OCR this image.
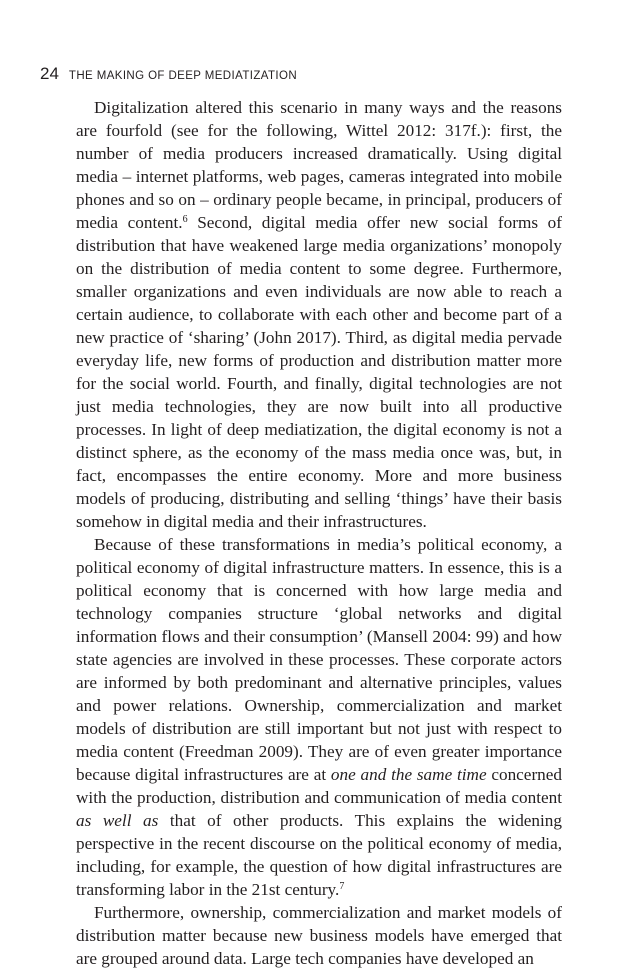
24 THE MAKING OF DEEP MEDIATIZATION

Digitalization altered this scenario in many ways and the reasons are fourfold (see for the following, Wittel 2012: 317f.): first, the number of media producers increased dramatically. Using digital media – internet platforms, web pages, cameras integrated into mobile phones and so on – ordinary people became, in principal, producers of media content.$^6$ Second, digital media offer new social forms of distribution that have weakened large media organizations’ monopoly on the distribution of media content to some degree. Furthermore, smaller organizations and even individuals are now able to reach a certain audience, to collaborate with each other and become part of a new practice of ‘sharing’ (John 2017). Third, as digital media pervade everyday life, new forms of production and distribution matter more for the social world. Fourth, and finally, digital technologies are not just media technologies, they are now built into all productive processes. In light of deep mediatization, the digital economy is not a distinct sphere, as the economy of the mass media once was, but, in fact, encompasses the entire economy. More and more business models of producing, distributing and selling ‘things’ have their basis somehow in digital media and their infrastructures.

Because of these transformations in media’s political economy, a political economy of digital infrastructure matters. In essence, this is a political economy that is concerned with how large media and technology companies structure ‘global networks and digital information flows and their consumption’ (Mansell 2004: 99) and how state agencies are involved in these processes. These corporate actors are informed by both predominant and alternative principles, values and power relations. Ownership, commercialization and market models of distribution are still important but not just with respect to media content (Freedman 2009). They are of even greater importance because digital infrastructures are at one and the same time concerned with the production, distribution and communication of media content as well as that of other products. This explains the widening perspective in the recent discourse on the political economy of media, including, for example, the question of how digital infrastructures are transforming labor in the 21st century.$^7$

Furthermore, ownership, commercialization and market models of distribution matter because new business models have emerged that are grouped around data. Large tech companies have developed an
